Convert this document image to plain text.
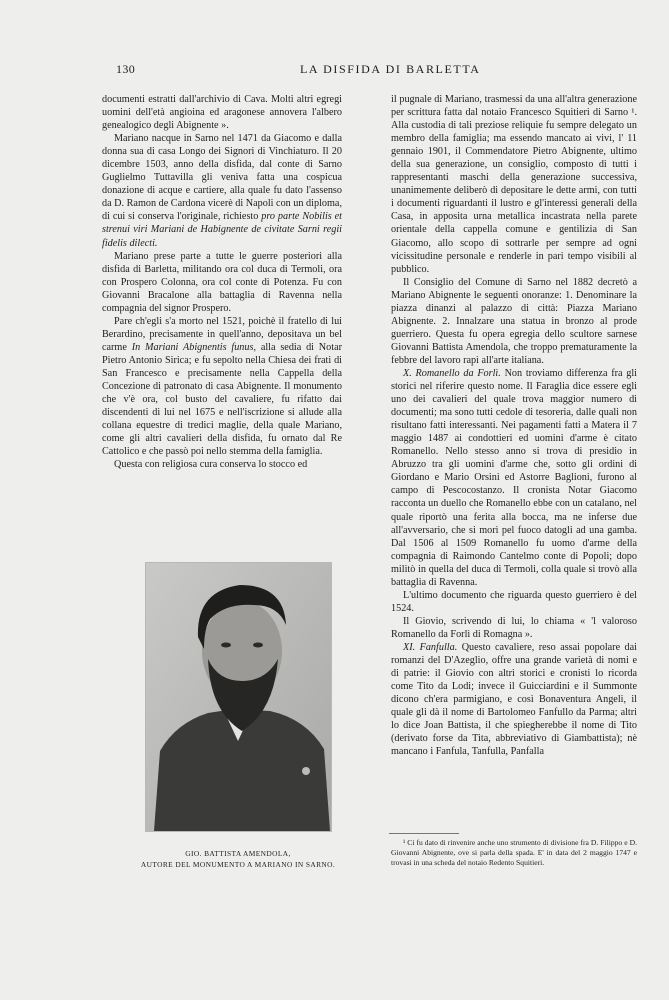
130	LA DISFIDA DI BARLETTA

documenti estratti dall'archivio di Cava. Molti altri egregi uomini dell'età angioina ed aragonese annovera l'albero genealogico degli Abignente ».

Mariano nacque in Sarno nel 1471 da Giacomo e dalla donna sua di casa Longo dei Signori di Vinchiaturo. Il 20 dicembre 1503, anno della disfida, dal conte di Sarno Guglielmo Tuttavilla gli veniva fatta una cospicua donazione di acque e cartiere, alla quale fu dato l'assenso da D. Ramon de Cardona vicerè di Napoli con un diploma, di cui si conserva l'originale, richiesto pro parte Nobilis et strenui viri Mariani de Habignente de civitate Sarni regii fidelis dilecti.

Mariano prese parte a tutte le guerre posteriori alla disfida di Barletta, militando ora col duca di Termoli, ora con Prospero Colonna, ora col conte di Potenza. Fu con Giovanni Bracalone alla battaglia di Ravenna nella compagnia del signor Prospero.

Pare ch'egli s'a morto nel 1521, poichè il fratello di lui Berardino, precisamente in quell'anno, depositava un bel carme In Mariani Abignentis funus, alla sedia di Notar Pietro Antonio Sirica; e fu sepolto nella Chiesa dei frati di San Francesco e precisamente nella Cappella della Concezione di patronato di casa Abignente. Il monumento che v'è ora, col busto del cavaliere, fu rifatto dai discendenti di lui nel 1675 e nell'iscrizione si allude alla collana equestre di tredici maglie, della quale Mariano, come gli altri cavalieri della disfida, fu ornato dal Re Cattolico e che passò poi nello stemma della famiglia.

Questa con religiosa cura conserva lo stocco ed

GIO. BATTISTA AMENDOLA,
AUTORE DEL MONUMENTO A MARIANO IN SARNO.

il pugnale di Mariano, trasmessi da una all'altra generazione per scrittura fatta dal notaio Francesco Squitieri di Sarno ¹. Alla custodia di tali preziose reliquie fu sempre delegato un membro della famiglia; ma essendo mancato ai vivi, l' 11 gennaio 1901, il Commendatore Pietro Abignente, ultimo della sua generazione, un consiglio, composto di tutti i rappresentanti maschi della generazione successiva, unanimemente deliberò di depositare le dette armi, con tutti i documenti riguardanti il lustro e gl'interessi generali della Casa, in apposita urna metallica incastrata nella parete orientale della cappella comune e gentilizia di San Giacomo, allo scopo di sottrarle per sempre ad ogni vicissitudine personale e renderle in pari tempo visibili al pubblico.

Il Consiglio del Comune di Sarno nel 1882 decretò a Mariano Abignente le seguenti onoranze: 1. Denominare la piazza dinanzi al palazzo di città: Piazza Mariano Abignente. 2. Innalzare una statua in bronzo al prode guerriero. Questa fu opera egregia dello scultore sarnese Giovanni Battista Amendola, che troppo prematuramente la febbre del lavoro rapì all'arte italiana.

X. Romanello da Forlì. Non troviamo differenza fra gli storici nel riferire questo nome. Il Faraglia dice essere egli uno dei cavalieri del quale trova maggior numero di documenti; ma sono tutti cedole di tesoreria, dalle quali non risultano fatti interessanti. Nei pagamenti fatti a Matera il 7 maggio 1487 ai condottieri ed uomini d'arme è citato Romanello. Nello stesso anno si trova di presidio in Abruzzo tra gli uomini d'arme che, sotto gli ordini di Giordano e Mario Orsini ed Astorre Baglioni, furono al campo di Pescocostanzo. Il cronista Notar Giacomo racconta un duello che Romanello ebbe con un catalano, nel quale riportò una ferita alla bocca, ma ne inferse due all'avversario, che si morì pel fuoco datogli ad una gamba. Dal 1506 al 1509 Romanello fu uomo d'arme della compagnia di Raimondo Cantelmo conte di Popoli; dopo militò in quella del duca di Termoli, colla quale si trovò alla battaglia di Ravenna.

L'ultimo documento che riguarda questo guerriero è del 1524.

Il Giovio, scrivendo di lui, lo chiama « 'l valoroso Romanello da Forlì di Romagna ».

XI. Fanfulla. Questo cavaliere, reso assai popolare dai romanzi del D'Azeglio, offre una grande varietà di nomi e di patrie: il Giovio con altri storici e cronisti lo ricorda come Tito da Lodi; invece il Guicciardini e il Summonte dicono ch'era parmigiano, e così Bonaventura Angeli, il quale gli dà il nome di Bartolomeo Fanfullo da Parma; altri lo dice Joan Battista, il che spiegherebbe il nome di Tito (derivato forse da Tita, abbreviativo di Giambattista); nè mancano i Fanfula, Tanfulla, Panfalla

¹ Ci fu dato di rinvenire anche uno strumento di divisione fra D. Filippo e D. Giovanni Abignente, ove si parla della spada. E' in data del 2 maggio 1747 e trovasi in una scheda del notaio Redento Squitieri.
